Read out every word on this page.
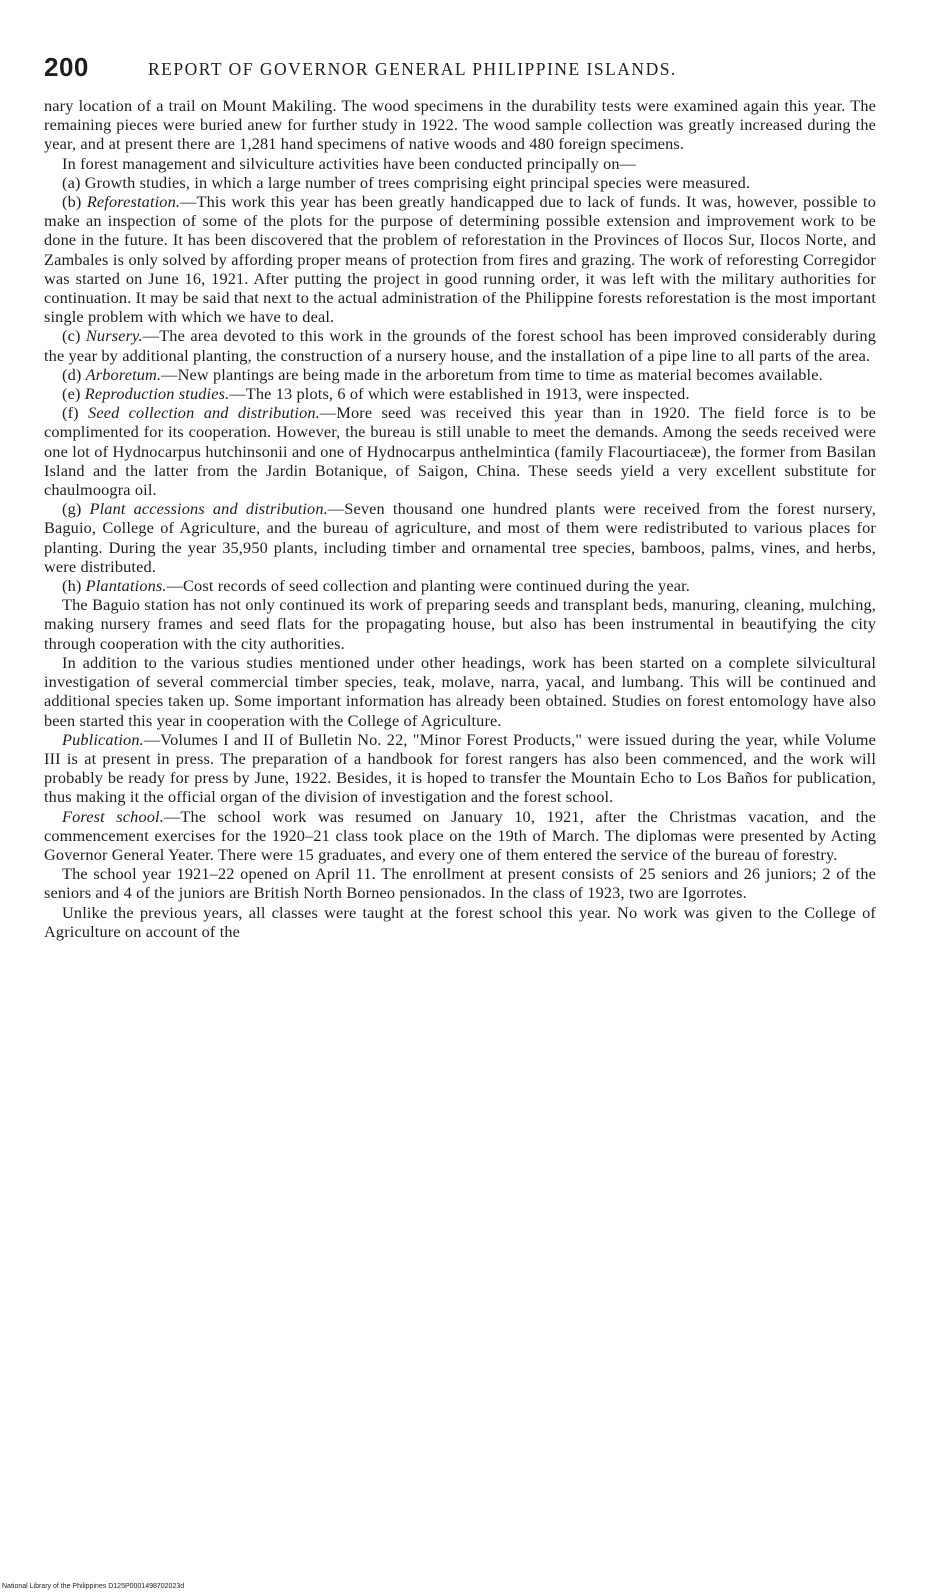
200	REPORT OF GOVERNOR GENERAL PHILIPPINE ISLANDS.

nary location of a trail on Mount Makiling. The wood specimens in the durability tests were examined again this year. The remaining pieces were buried anew for further study in 1922. The wood sample collection was greatly increased during the year, and at present there are 1,281 hand specimens of native woods and 480 foreign specimens.

In forest management and silviculture activities have been conducted principally on—

(a) Growth studies, in which a large number of trees comprising eight principal species were measured.

(b) Reforestation.—This work this year has been greatly handicapped due to lack of funds. It was, however, possible to make an inspection of some of the plots for the purpose of determining possible extension and improvement work to be done in the future. It has been discovered that the problem of reforestation in the Provinces of Ilocos Sur, Ilocos Norte, and Zambales is only solved by affording proper means of protection from fires and grazing. The work of reforesting Corregidor was started on June 16, 1921. After putting the project in good running order, it was left with the military authorities for continuation. It may be said that next to the actual administration of the Philippine forests reforestation is the most important single problem with which we have to deal.

(c) Nursery.—The area devoted to this work in the grounds of the forest school has been improved considerably during the year by additional planting, the construction of a nursery house, and the installation of a pipe line to all parts of the area.

(d) Arboretum.—New plantings are being made in the arboretum from time to time as material becomes available.

(e) Reproduction studies.—The 13 plots, 6 of which were established in 1913, were inspected.

(f) Seed collection and distribution.—More seed was received this year than in 1920. The field force is to be complimented for its cooperation. However, the bureau is still unable to meet the demands. Among the seeds received were one lot of Hydnocarpus hutchinsonii and one of Hydnocarpus anthelmintica (family Flacourtiaceæ), the former from Basilan Island and the latter from the Jardin Botanique, of Saigon, China. These seeds yield a very excellent substitute for chaulmoogra oil.

(g) Plant accessions and distribution.—Seven thousand one hundred plants were received from the forest nursery, Baguio, College of Agriculture, and the bureau of agriculture, and most of them were redistributed to various places for planting. During the year 35,950 plants, including timber and ornamental tree species, bamboos, palms, vines, and herbs, were distributed.

(h) Plantations.—Cost records of seed collection and planting were continued during the year.

The Baguio station has not only continued its work of preparing seeds and transplant beds, manuring, cleaning, mulching, making nursery frames and seed flats for the propagating house, but also has been instrumental in beautifying the city through cooperation with the city authorities.

In addition to the various studies mentioned under other headings, work has been started on a complete silvicultural investigation of several commercial timber species, teak, molave, narra, yacal, and lumbang. This will be continued and additional species taken up. Some important information has already been obtained. Studies on forest entomology have also been started this year in cooperation with the College of Agriculture.

Publication.—Volumes I and II of Bulletin No. 22, "Minor Forest Products," were issued during the year, while Volume III is at present in press. The preparation of a handbook for forest rangers has also been commenced, and the work will probably be ready for press by June, 1922. Besides, it is hoped to transfer the Mountain Echo to Los Baños for publication, thus making it the official organ of the division of investigation and the forest school.

Forest school.—The school work was resumed on January 10, 1921, after the Christmas vacation, and the commencement exercises for the 1920–21 class took place on the 19th of March. The diplomas were presented by Acting Governor General Yeater. There were 15 graduates, and every one of them entered the service of the bureau of forestry.

The school year 1921–22 opened on April 11. The enrollment at present consists of 25 seniors and 26 juniors; 2 of the seniors and 4 of the juniors are British North Borneo pensionados. In the class of 1923, two are Igorrotes.

Unlike the previous years, all classes were taught at the forest school this year. No work was given to the College of Agriculture on account of the

National Library of the Philippines D125P0001498702023d
